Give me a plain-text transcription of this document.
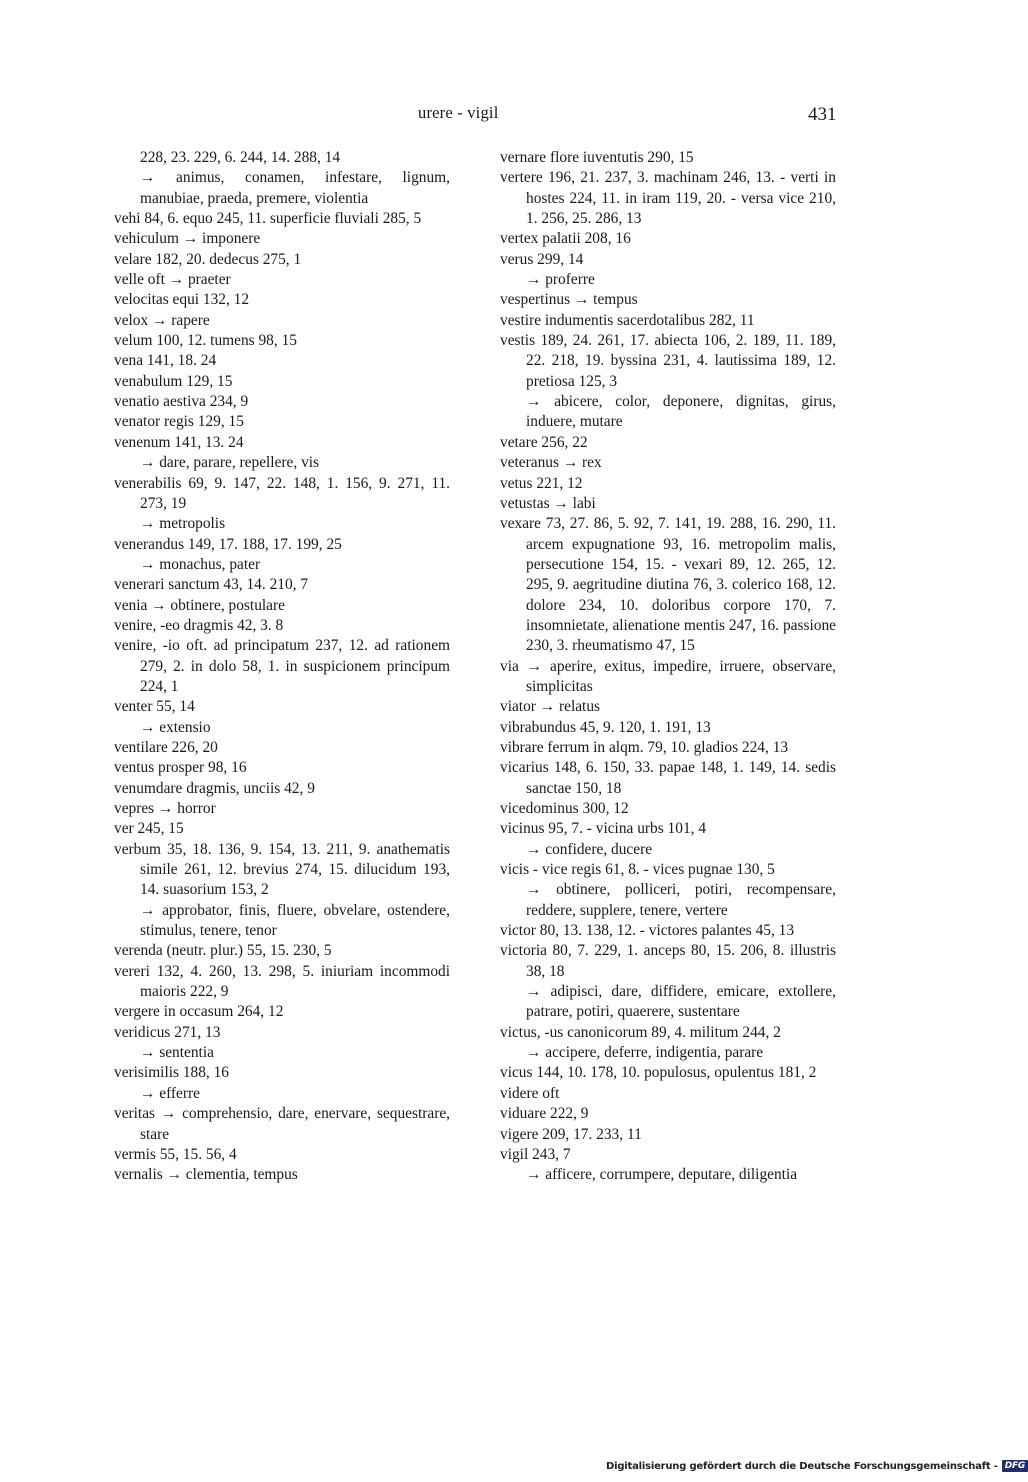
urere - vigil	431
228, 23. 229, 6. 244, 14. 288, 14
→ animus, conamen, infestare, lignum, manubiae, praeda, premere, violentia
vehi 84, 6. equo 245, 11. superficie fluviali 285, 5
vehiculum → imponere
velare 182, 20. dedecus 275, 1
velle oft → praeter
velocitas equi 132, 12
velox → rapere
velum 100, 12. tumens 98, 15
vena 141, 18. 24
venabulum 129, 15
venatio aestiva 234, 9
venator regis 129, 15
venenum 141, 13. 24
→ dare, parare, repellere, vis
venerabilis 69, 9. 147, 22. 148, 1. 156, 9. 271, 11. 273, 19
→ metropolis
venerandus 149, 17. 188, 17. 199, 25
→ monachus, pater
venerari sanctum 43, 14. 210, 7
venia → obtinere, postulare
venire, -eo dragmis 42, 3. 8
venire, -io oft. ad principatum 237, 12. ad rationem 279, 2. in dolo 58, 1. in suspicionem principum 224, 1
venter 55, 14
→ extensio
ventilare 226, 20
ventus prosper 98, 16
venumdare dragmis, unciis 42, 9
vepres → horror
ver 245, 15
verbum 35, 18. 136, 9. 154, 13. 211, 9. anathematis simile 261, 12. brevius 274, 15. dilucidum 193, 14. suasorium 153, 2
→ approbator, finis, fluere, obvelare, ostendere, stimulus, tenere, tenor
verenda (neutr. plur.) 55, 15. 230, 5
vereri 132, 4. 260, 13. 298, 5. iniuriam incommodi maioris 222, 9
vergere in occasum 264, 12
veridicus 271, 13
→ sententia
verisimilis 188, 16
→ efferre
veritas → comprehensio, dare, enervare, sequestrare, stare
vermis 55, 15. 56, 4
vernalis → clementia, tempus
vernare flore iuventutis 290, 15
vertere 196, 21. 237, 3. machinam 246, 13. - verti in hostes 224, 11. in iram 119, 20. - versa vice 210, 1. 256, 25. 286, 13
vertex palatii 208, 16
verus 299, 14
→ proferre
vespertinus → tempus
vestire indumentis sacerdotalibus 282, 11
vestis 189, 24. 261, 17. abiecta 106, 2. 189, 11. 189, 22. 218, 19. byssina 231, 4. lautissima 189, 12. pretiosa 125, 3
→ abicere, color, deponere, dignitas, girus, induere, mutare
vetare 256, 22
veteranus → rex
vetus 221, 12
vetustas → labi
vexare 73, 27. 86, 5. 92, 7. 141, 19. 288, 16. 290, 11. arcem expugnatione 93, 16. metropolim malis, persecutione 154, 15. - vexari 89, 12. 265, 12. 295, 9. aegritudine diutina 76, 3. colerico 168, 12. dolore 234, 10. doloribus corpore 170, 7. insomnietate, alienatione mentis 247, 16. passione 230, 3. rheumatismo 47, 15
via → aperire, exitus, impedire, irruere, observare, simplicitas
viator → relatus
vibrabundus 45, 9. 120, 1. 191, 13
vibrare ferrum in alqm. 79, 10. gladios 224, 13
vicarius 148, 6. 150, 33. papae 148, 1. 149, 14. sedis sanctae 150, 18
vicedominus 300, 12
vicinus 95, 7. - vicina urbs 101, 4
→ confidere, ducere
vicis - vice regis 61, 8. - vices pugnae 130, 5
→ obtinere, polliceri, potiri, recompensare, reddere, supplere, tenere, vertere
victor 80, 13. 138, 12. - victores palantes 45, 13
victoria 80, 7. 229, 1. anceps 80, 15. 206, 8. illustris 38, 18
→ adipisci, dare, diffidere, emicare, extollere, patrare, potiri, quaerere, sustentare
victus, -us canonicorum 89, 4. militum 244, 2
→ accipere, deferre, indigentia, parare
vicus 144, 10. 178, 10. populosus, opulentus 181, 2
videre oft
viduare 222, 9
vigere 209, 17. 233, 11
vigil 243, 7
→ afficere, corrumpere, deputare, diligentia
Digitalisierung gefördert durch die Deutsche Forschungsgemeinschaft - DFG
